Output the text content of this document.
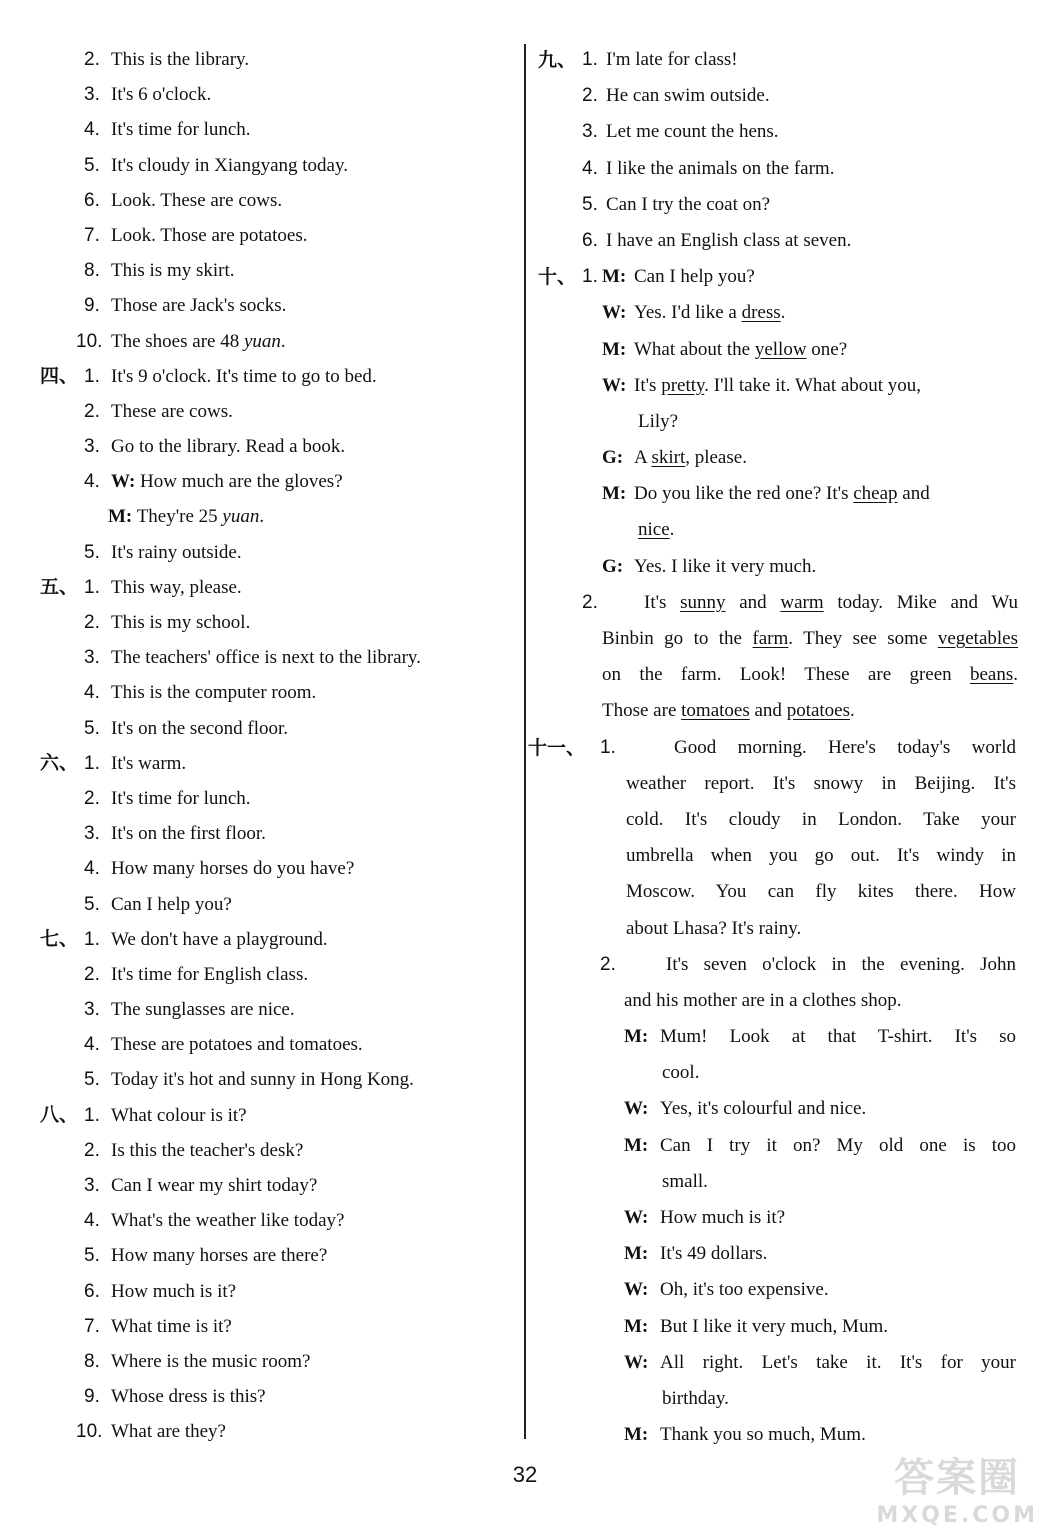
2. This is the library.
3. It's 6 o'clock.
4. It's time for lunch.
5. It's cloudy in Xiangyang today.
6. Look. These are cows.
7. Look. Those are potatoes.
8. This is my skirt.
9. Those are Jack's socks.
10. The shoes are 48 yuan.
四、 1. It's 9 o'clock. It's time to go to bed.
2. These are cows.
3. Go to the library. Read a book.
4. W: How much are the gloves?
M: They're 25 yuan.
5. It's rainy outside.
五、 1. This way, please.
2. This is my school.
3. The teachers' office is next to the library.
4. This is the computer room.
5. It's on the second floor.
六、 1. It's warm.
2. It's time for lunch.
3. It's on the first floor.
4. How many horses do you have?
5. Can I help you?
七、 1. We don't have a playground.
2. It's time for English class.
3. The sunglasses are nice.
4. These are potatoes and tomatoes.
5. Today it's hot and sunny in Hong Kong.
八、 1. What colour is it?
2. Is this the teacher's desk?
3. Can I wear my shirt today?
4. What's the weather like today?
5. How many horses are there?
6. How much is it?
7. What time is it?
8. Where is the music room?
9. Whose dress is this?
10. What are they?
九、 1. I'm late for class!
2. He can swim outside.
3. Let me count the hens.
4. I like the animals on the farm.
5. Can I try the coat on?
6. I have an English class at seven.
十、 1. M: Can I help you?
W: Yes. I'd like a dress.
M: What about the yellow one?
W: It's pretty. I'll take it. What about you,
Lily?
G: A skirt, please.
M: Do you like the red one? It's cheap and
nice.
G: Yes. I like it very much.
2. It's sunny and warm today. Mike and Wu
Binbin go to the farm. They see some vegetables
on the farm. Look! These are green beans.
Those are tomatoes and potatoes.
十一、 1.	Good morning. Here's today's world
weather report. It's snowy in Beijing. It's
cold. It's cloudy in London. Take your
umbrella when you go out. It's windy in
Moscow. You can fly kites there. How
about Lhasa? It's rainy.
2.	It's seven o'clock in the evening. John
and his mother are in a clothes shop.
M: Mum! Look at that T-shirt. It's so
cool.
W: Yes, it's colourful and nice.
M: Can I try it on? My old one is too
small.
W: How much is it?
M: It's 49 dollars.
W: Oh, it's too expensive.
M: But I like it very much, Mum.
W: All right. Let's take it. It's for your
birthday.
M: Thank you so much, Mum.
32	答案圈
MXQE.COM
